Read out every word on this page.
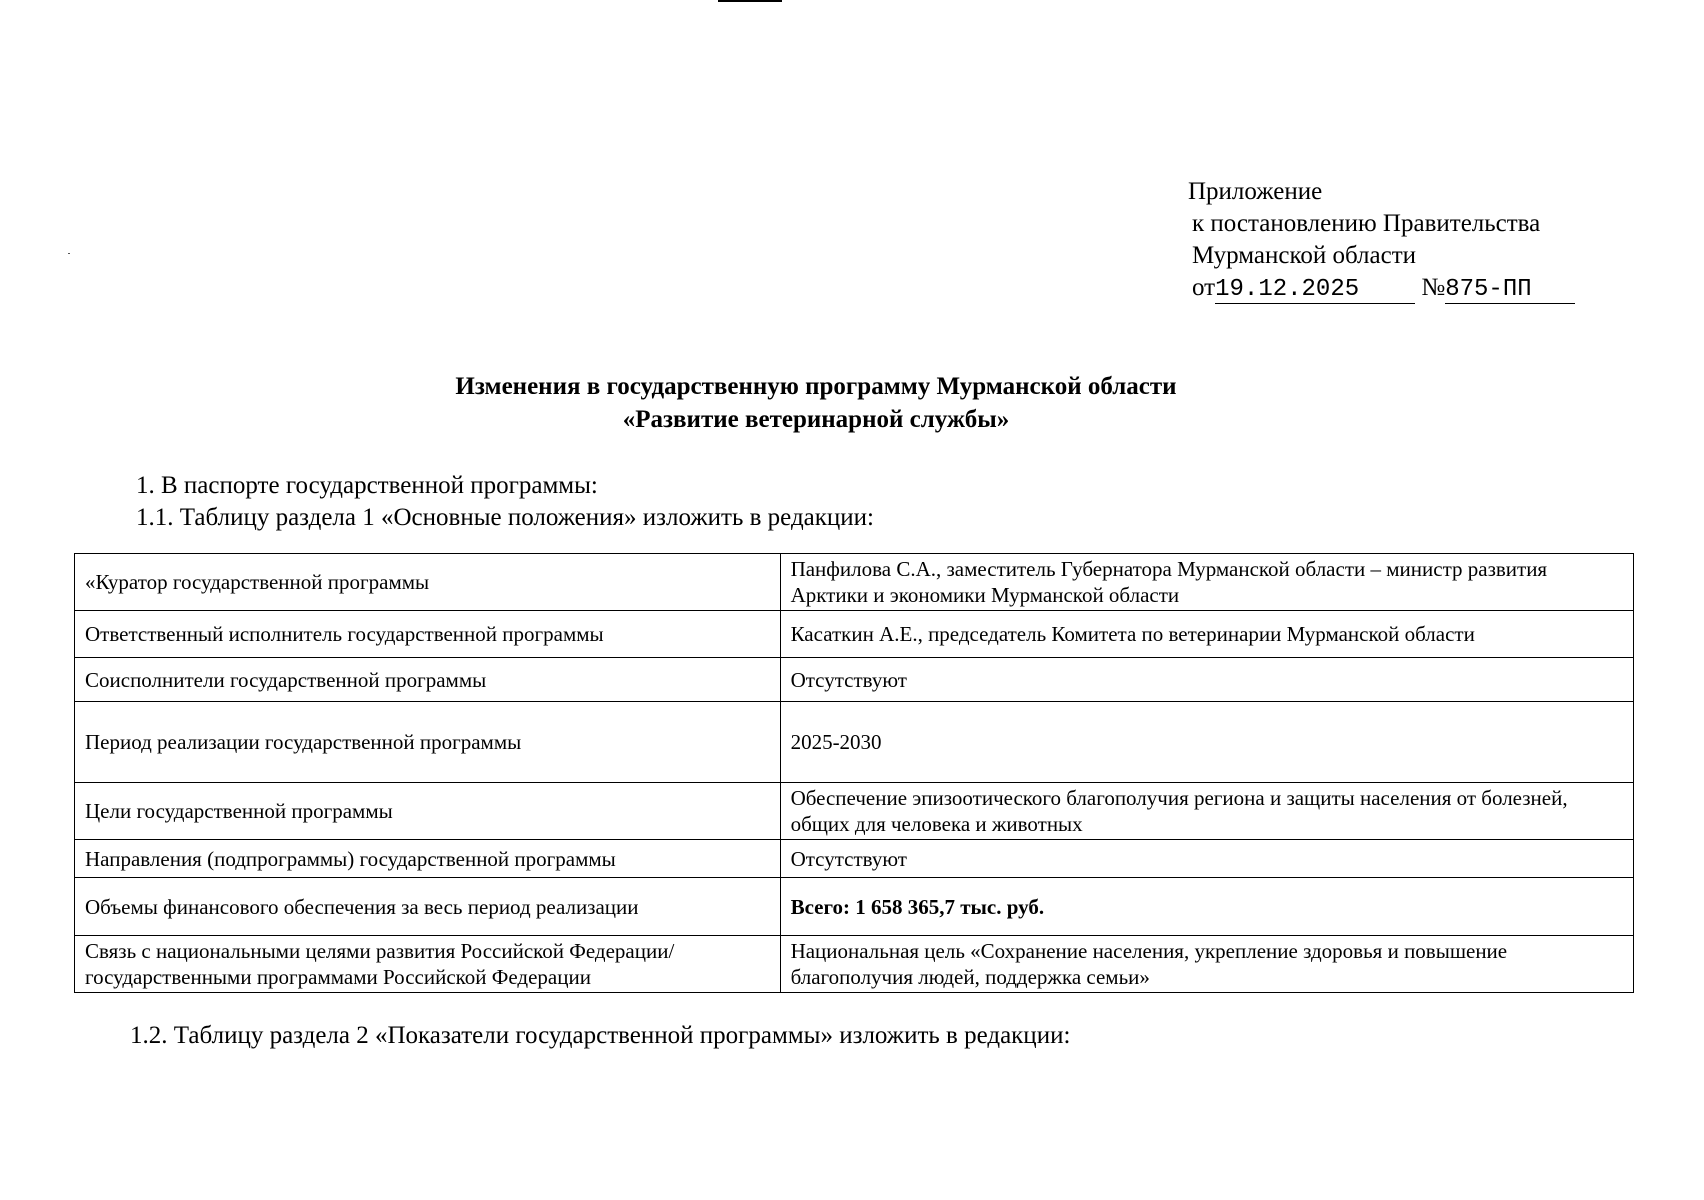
Приложение
к постановлению Правительства
Мурманской области
от19.12.2025 №875-ПП
Изменения в государственную программу Мурманской области
«Развитие ветеринарной службы»
1. В паспорте государственной программы:
1.1. Таблицу раздела 1 «Основные положения» изложить в редакции:
«Куратор государственной программы	Панфилова С.А., заместитель Губернатора Мурманской области – министр развития Арктики и экономики Мурманской области
Ответственный исполнитель государственной программы	Касаткин А.Е., председатель Комитета по ветеринарии Мурманской области
Соисполнители государственной программы	Отсутствуют
Период реализации государственной программы	2025-2030
Цели государственной программы	Обеспечение эпизоотического благополучия региона и защиты населения от болезней, общих для человека и животных
Направления (подпрограммы) государственной программы	Отсутствуют
Объемы финансового обеспечения за весь период реализации	Всего: 1 658 365,7 тыс. руб.
Связь с национальными целями развития Российской Федерации/ государственными программами Российской Федерации	Национальная цель «Сохранение населения, укрепление здоровья и повышение благополучия людей, поддержка семьи»
1.2. Таблицу раздела 2 «Показатели государственной программы» изложить в редакции:
